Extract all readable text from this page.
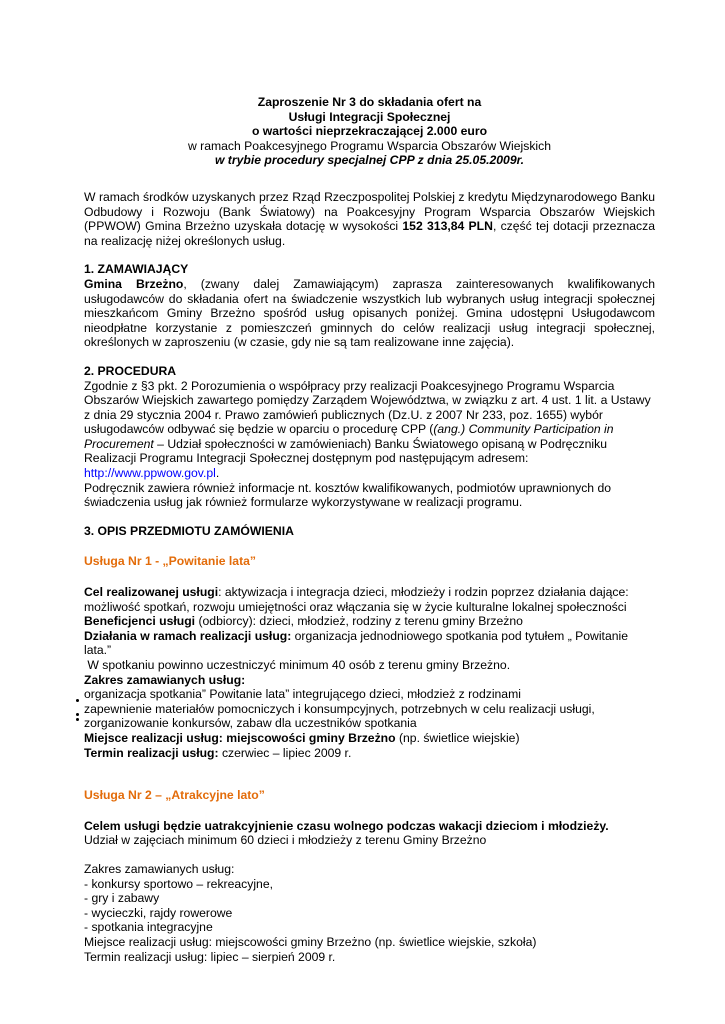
Zaproszenie Nr 3 do składania ofert na
Usługi Integracji Społecznej
o wartości nieprzekraczającej 2.000 euro
w ramach Poakcesyjnego Programu Wsparcia Obszarów Wiejskich
w trybie procedury specjalnej CPP z dnia 25.05.2009r.
W ramach środków uzyskanych przez Rząd Rzeczpospolitej Polskiej z kredytu Międzynarodowego Banku Odbudowy i Rozwoju (Bank Światowy) na Poakcesyjny Program Wsparcia Obszarów Wiejskich (PPWOW) Gmina Brzeżno uzyskała dotację w wysokości 152 313,84 PLN, część tej dotacji przeznacza na realizację niżej określonych usług.
1. ZAMAWIAJĄCY
Gmina Brzeżno, (zwany dalej Zamawiającym) zaprasza zainteresowanych kwalifikowanych usługodawców do składania ofert na świadczenie wszystkich lub wybranych usług integracji społecznej mieszkańcom Gminy Brzeżno spośród usług opisanych poniżej. Gmina udostępni Usługodawcom nieodpłatne korzystanie z pomieszczeń gminnych do celów realizacji usług integracji społecznej, określonych w zaproszeniu (w czasie, gdy nie są tam realizowane inne zajęcia).
2. PROCEDURA
Zgodnie z §3 pkt. 2 Porozumienia o współpracy przy realizacji Poakcesyjnego Programu Wsparcia
Obszarów Wiejskich zawartego pomiędzy Zarządem Województwa, w związku z art. 4 ust. 1 lit. a Ustawy
z dnia 29 stycznia 2004 r. Prawo zamówień publicznych (Dz.U. z 2007 Nr 233, poz. 1655) wybór
usługodawców odbywać się będzie w oparciu o procedurę CPP ((ang.) Community Participation in
Procurement – Udział społeczności w zamówieniach) Banku Światowego opisaną w Podręczniku
Realizacji Programu Integracji Społecznej dostępnym pod następującym adresem:
http://www.ppwow.gov.pl.
Podręcznik zawiera również informacje nt. kosztów kwalifikowanych, podmiotów uprawnionych do
świadczenia usług jak również formularze wykorzystywane w realizacji programu.
3. OPIS PRZEDMIOTU ZAMÓWIENIA
Usługa Nr 1 - „Powitanie lata”
Cel realizowanej usługi: aktywizacja i integracja dzieci, młodzieży i rodzin poprzez działania dające:
możliwość spotkań, rozwoju umiejętności oraz włączania się w życie kulturalne lokalnej społeczności
Beneficjenci usługi (odbiorcy): dzieci, młodzież, rodziny z terenu gminy Brzeżno
Działania w ramach realizacji usług: organizacja jednodniowego spotkania pod tytułem „ Powitanie
lata.”
W spotkaniu powinno uczestniczyć minimum 40 osób z terenu gminy Brzeżno.
Zakres zamawianych usług:
organizacja spotkania” Powitanie lata” integrującego dzieci, młodzież z rodzinami
zapewnienie materiałów pomocniczych i konsumpcyjnych, potrzebnych w celu realizacji usługi,
zorganizowanie konkursów, zabaw dla uczestników spotkania
Miejsce realizacji usług: miejscowości gminy Brzeżno (np. świetlice wiejskie)
Termin realizacji usług: czerwiec – lipiec 2009 r.
Usługa Nr 2 – „Atrakcyjne lato”
Celem usługi będzie uatrakcyjnienie czasu wolnego podczas wakacji dzieciom i młodzieży.
Udział w zajęciach minimum 60 dzieci i młodzieży z terenu Gminy Brzeżno
Zakres zamawianych usług:
- konkursy sportowo – rekreacyjne,
- gry i zabawy
- wycieczki, rajdy rowerowe
- spotkania integracyjne
Miejsce realizacji usług: miejscowości gminy Brzeżno (np. świetlice wiejskie, szkoła)
Termin realizacji usług: lipiec – sierpień 2009 r.
